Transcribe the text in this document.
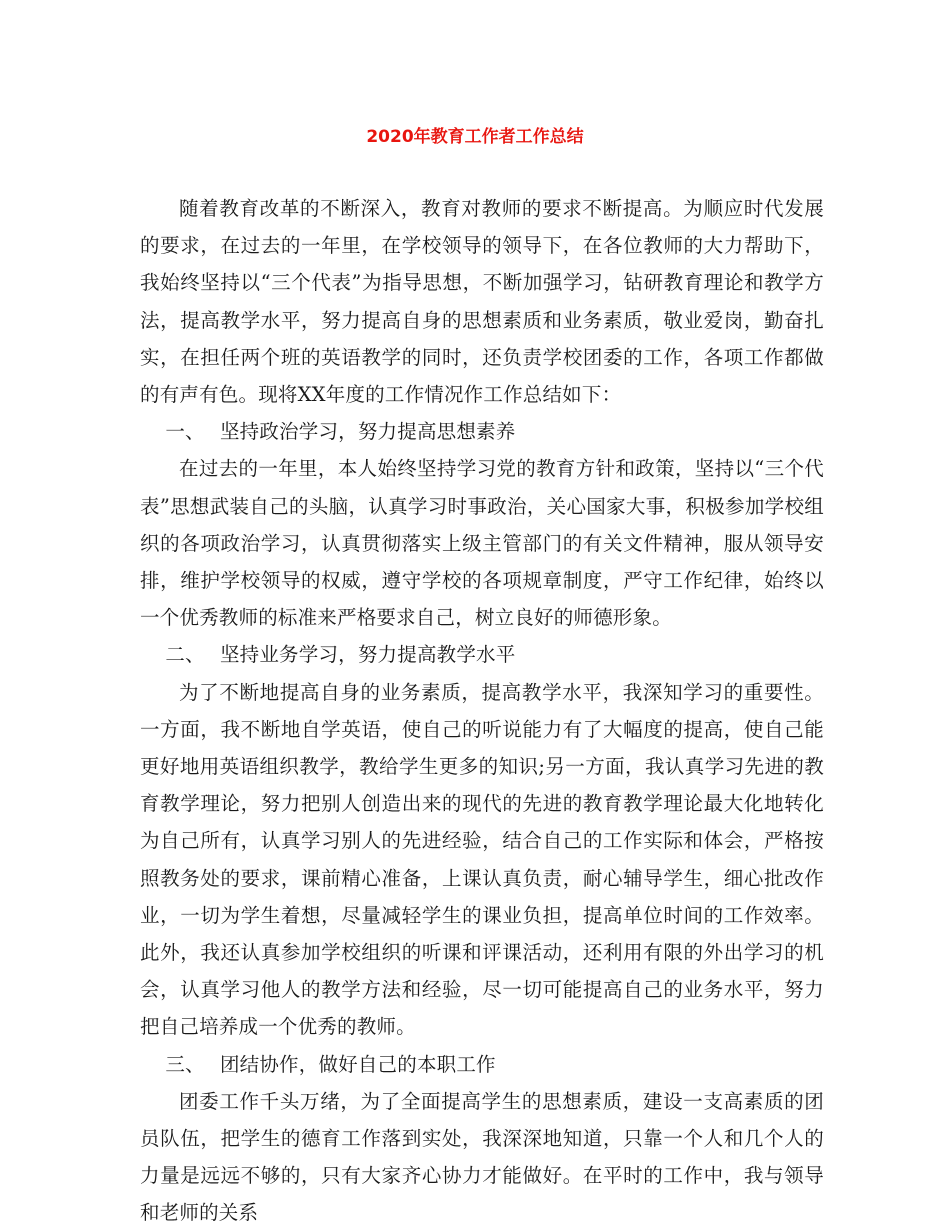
2020年教育工作者工作总结

随着教育改革的不断深入，教育对教师的要求不断提高。为顺应时代发展的要求，在过去的一年里，在学校领导的领导下，在各位教师的大力帮助下，我始终坚持以“三个代表”为指导思想，不断加强学习，钻研教育理论和教学方法，提高教学水平，努力提高自身的思想素质和业务素质，敬业爱岗，勤奋扎实，在担任两个班的英语教学的同时，还负责学校团委的工作，各项工作都做的有声有色。现将XX年度的工作情况作工作总结如下：

一、 坚持政治学习，努力提高思想素养

在过去的一年里，本人始终坚持学习党的教育方针和政策，坚持以“三个代表”思想武装自己的头脑，认真学习时事政治，关心国家大事，积极参加学校组织的各项政治学习，认真贯彻落实上级主管部门的有关文件精神，服从领导安排，维护学校领导的权威，遵守学校的各项规章制度，严守工作纪律，始终以一个优秀教师的标准来严格要求自己，树立良好的师德形象。

二、 坚持业务学习，努力提高教学水平

为了不断地提高自身的业务素质，提高教学水平，我深知学习的重要性。一方面，我不断地自学英语，使自己的听说能力有了大幅度的提高，使自己能更好地用英语组织教学，教给学生更多的知识;另一方面，我认真学习先进的教育教学理论，努力把别人创造出来的现代的先进的教育教学理论最大化地转化为自己所有，认真学习别人的先进经验，结合自己的工作实际和体会，严格按照教务处的要求，课前精心准备，上课认真负责，耐心辅导学生，细心批改作业，一切为学生着想，尽量减轻学生的课业负担，提高单位时间的工作效率。此外，我还认真参加学校组织的听课和评课活动，还利用有限的外出学习的机会，认真学习他人的教学方法和经验，尽一切可能提高自己的业务水平，努力把自己培养成一个优秀的教师。

三、 团结协作，做好自己的本职工作

团委工作千头万绪，为了全面提高学生的思想素质，建设一支高素质的团员队伍，把学生的德育工作落到实处，我深深地知道，只靠一个人和几个人的力量是远远不够的，只有大家齐心协力才能做好。在平时的工作中，我与领导和老师的关系
